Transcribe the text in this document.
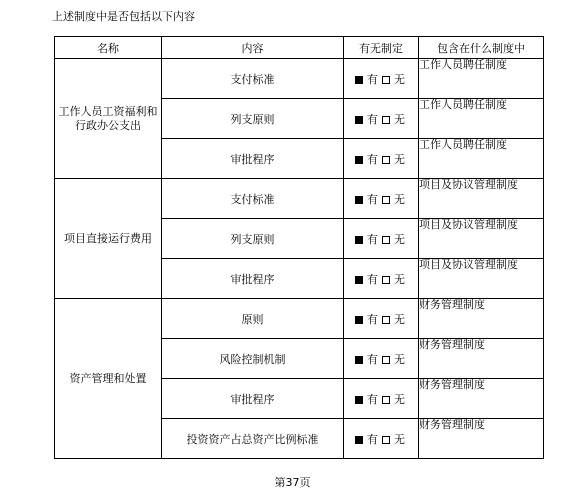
上述制度中是否包括以下内容
名称	内容	有无制定	包含在什么制度中
工作人员工资福利和行政办公支出	支付标准	有 无	工作人员聘任制度
	列支原则	有 无	工作人员聘任制度
	审批程序	有 无	工作人员聘任制度
项目直接运行费用	支付标准	有 无	项目及协议管理制度
	列支原则	有 无	项目及协议管理制度
	审批程序	有 无	项目及协议管理制度
资产管理和处置	原则	有 无	财务管理制度
	风险控制机制	有 无	财务管理制度
	审批程序	有 无	财务管理制度
	投资资产占总资产比例标准	有 无	财务管理制度
第37页
